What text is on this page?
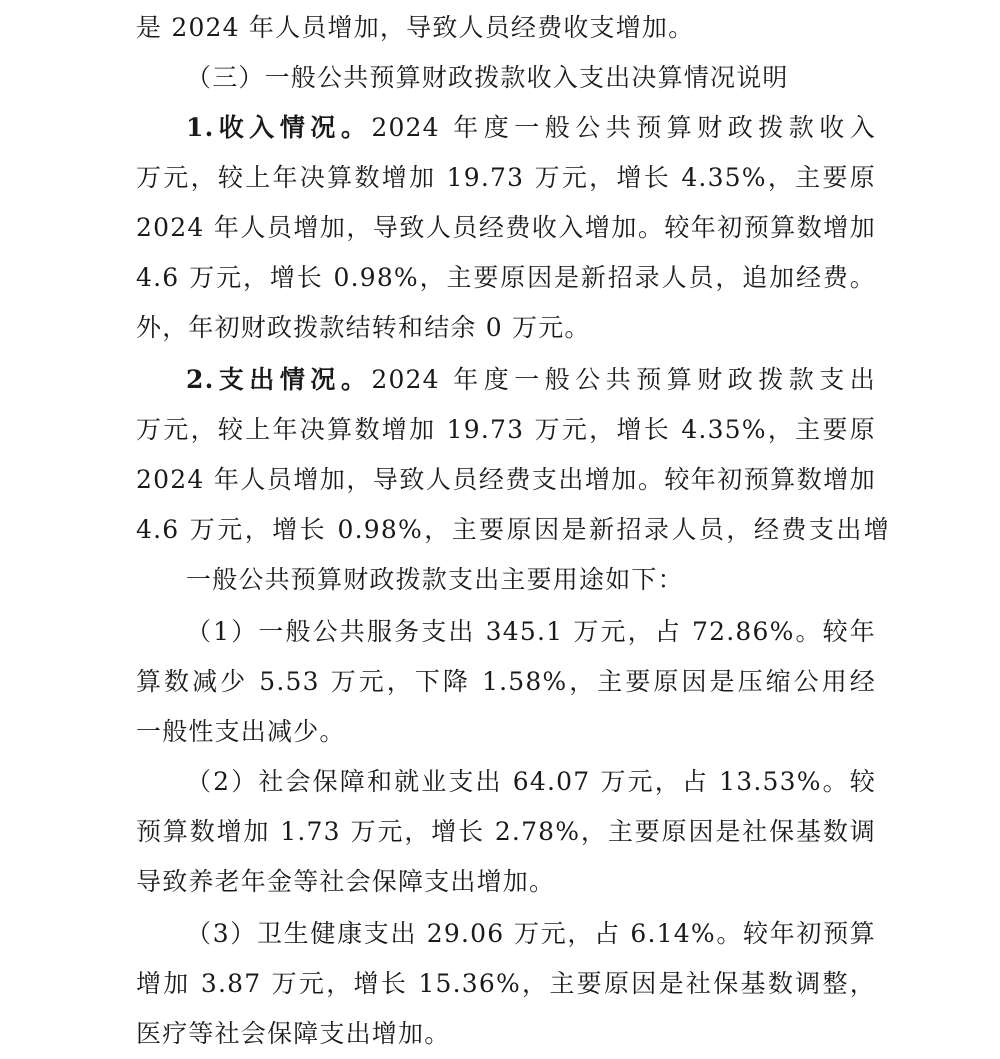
是 2024 年人员增加，导致人员经费收支增加。
（三）一般公共预算财政拨款收入支出决算情况说明
1.收入情况。2024 年度一般公共预算财政拨款收入
万元，较上年决算数增加 19.73 万元，增长 4.35%，主要原
2024 年人员增加，导致人员经费收入增加。较年初预算数增加
4.6 万元，增长 0.98%，主要原因是新招录人员，追加经费。
外，年初财政拨款结转和结余 0 万元。
2.支出情况。2024 年度一般公共预算财政拨款支出
万元，较上年决算数增加 19.73 万元，增长 4.35%，主要原
2024 年人员增加，导致人员经费支出增加。较年初预算数增加
4.6 万元，增长 0.98%，主要原因是新招录人员，经费支出增
一般公共预算财政拨款支出主要用途如下：
（1）一般公共服务支出 345.1 万元，占 72.86%。较年
算数减少 5.53 万元，下降 1.58%，主要原因是压缩公用经
一般性支出减少。
（2）社会保障和就业支出 64.07 万元，占 13.53%。较
预算数增加 1.73 万元，增长 2.78%，主要原因是社保基数调
导致养老年金等社会保障支出增加。
（3）卫生健康支出 29.06 万元，占 6.14%。较年初预算
增加 3.87 万元，增长 15.36%，主要原因是社保基数调整，
医疗等社会保障支出增加。
